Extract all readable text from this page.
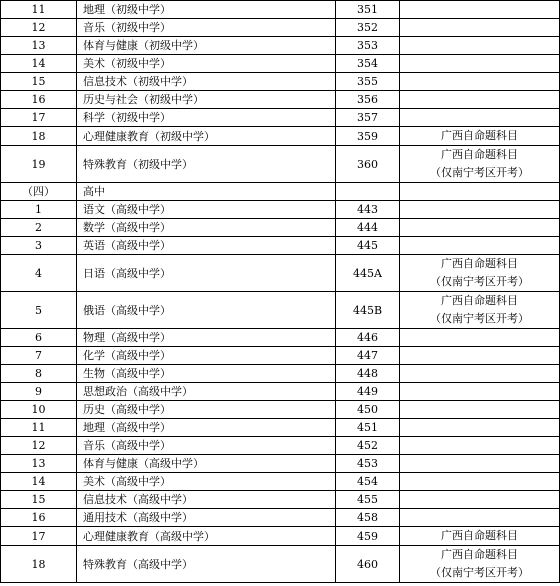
11	地理（初级中学）	351	
12	音乐（初级中学）	352	
13	体育与健康（初级中学）	353	
14	美术（初级中学）	354	
15	信息技术（初级中学）	355	
16	历史与社会（初级中学）	356	
17	科学（初级中学）	357	
18	心理健康教育（初级中学）	359	广西自命题科目

19	特殊教育（初级中学）	360	广西自命题科目
（仅南宁考区开考）

（四）	高中		
1	语文（高级中学）	443	
2	数学（高级中学）	444	
3	英语（高级中学）	445	
4	日语（高级中学）	445A	广西自命题科目
（仅南宁考区开考）

5	俄语（高级中学）	445B	广西自命题科目
（仅南宁考区开考）

6	物理（高级中学）	446	
7	化学（高级中学）	447	
8	生物（高级中学）	448	
9	思想政治（高级中学）	449	
10	历史（高级中学）	450	
11	地理（高级中学）	451	
12	音乐（高级中学）	452	
13	体育与健康（高级中学）	453	
14	美术（高级中学）	454	
15	信息技术（高级中学）	455	
16	通用技术（高级中学）	458	
17	心理健康教育（高级中学）	459	广西自命题科目

18	特殊教育（高级中学）	460	广西自命题科目
（仅南宁考区开考）
